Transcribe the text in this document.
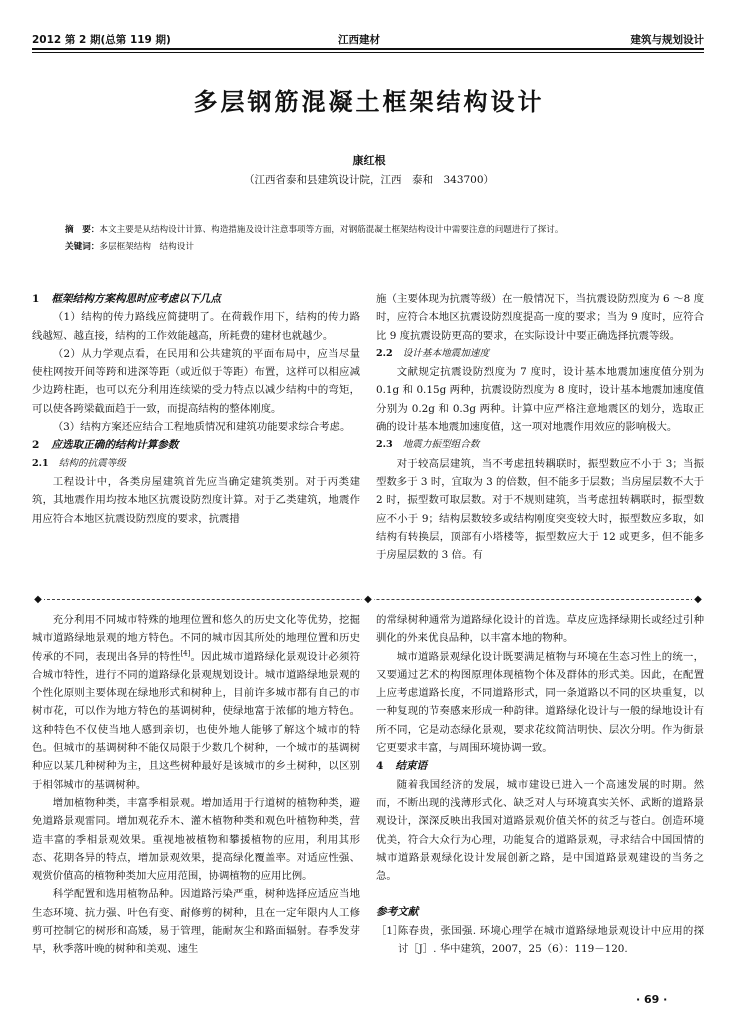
2012 第 2 期(总第 119 期)	江西建材	建筑与规划设计
多层钢筋混凝土框架结构设计
康红根
（江西省泰和县建筑设计院，江西　泰和　343700）
摘　要：本文主要是从结构设计计算、构造措施及设计注意事项等方面，对钢筋混凝土框架结构设计中需要注意的问题进行了探讨。
关键词：多层框架结构　结构设计
1 框架结构方案构思时应考虑以下几点

（1）结构的传力路线应简捷明了。在荷载作用下，结构的传力路线越短、越直接，结构的工作效能越高，所耗费的建材也就越少。

（2）从力学观点看，在民用和公共建筑的平面布局中，应当尽量使柱网按开间等跨和进深等距（或近似于等距）布置，这样可以相应减少边跨柱距，也可以充分利用连续梁的受力特点以减少结构中的弯矩，可以使各跨梁截面趋于一致，而提高结构的整体刚度。

（3）结构方案还应结合工程地质情况和建筑功能要求综合考虑。

2 应选取正确的结构计算参数
2.1 结构的抗震等级

工程设计中，各类房屋建筑首先应当确定建筑类别。对于丙类建筑，其地震作用均按本地区抗震设防烈度计算。对于乙类建筑，地震作用应符合本地区抗震设防烈度的要求，抗震措

施（主要体现为抗震等级）在一般情况下，当抗震设防烈度为 6 ～8 度时，应符合本地区抗震设防烈度提高一度的要求；当为 9 度时，应符合比 9 度抗震设防更高的要求，在实际设计中要正确选择抗震等级。

2.2 设计基本地震加速度

文献规定抗震设防烈度为 7 度时，设计基本地震加速度值分别为 0.1g 和 0.15g 两种，抗震设防烈度为 8 度时，设计基本地震加速度值分别为 0.2g 和 0.3g 两种。计算中应严格注意地震区的划分，选取正确的设计基本地震加速度值，这一项对地震作用效应的影响极大。

2.3 地震力振型组合数

对于较高层建筑，当不考虑扭转耦联时，振型数应不小于 3；当振型数多于 3 时，宜取为 3 的倍数，但不能多于层数；当房屋层数不大于 2 时，振型数可取层数。对于不规则建筑，当考虑扭转耦联时，振型数应不小于 9；结构层数较多或结构刚度突变较大时，振型数应多取，如结构有转换层，顶部有小塔楼等，振型数应大于 12 或更多，但不能多于房屋层数的 3 倍。有

◆	◆	◆

充分利用不同城市特殊的地理位置和悠久的历史文化等优势，挖掘城市道路绿地景观的地方特色。不同的城市因其所处的地理位置和历史传承的不同，表现出各异的特性[4]。因此城市道路绿化景观设计必须符合城市特性，进行不同的道路绿化景观规划设计。城市道路绿地景观的个性化原则主要体现在绿地形式和树种上，目前许多城市都有自己的市树市花，可以作为地方特色的基调树种，使绿地富于浓郁的地方特色。这种特色不仅使当地人感到亲切，也使外地人能够了解这个城市的特色。但城市的基调树种不能仅局限于少数几个树种，一个城市的基调树种应以某几种树种为主，且这些树种最好是该城市的乡土树种，以区别于相邻城市的基调树种。

增加植物种类，丰富季相景观。增加适用于行道树的植物种类，避免道路景观雷同。增加观花乔木、灌木植物种类和观色叶植物种类，营造丰富的季相景观效果。重视地被植物和攀援植物的应用，利用其形态、花期各异的特点，增加景观效果，提高绿化覆盖率。对适应性强、观赏价值高的植物种类加大应用范围，协调植物的应用比例。

科学配置和选用植物品种。因道路污染严重，树种选择应适应当地生态环境、抗力强、叶色有变、耐修剪的树种，且在一定年限内人工修剪可控制它的树形和高矮，易于管理，能耐灰尘和路面辐射。春季发芽早，秋季落叶晚的树种和美观、速生

的常绿树种通常为道路绿化设计的首选。草皮应选择绿期长或经过引种驯化的外来优良品种，以丰富本地的物种。

城市道路景观绿化设计既要满足植物与环境在生态习性上的统一，又要通过艺术的构图原理体现植物个体及群体的形式美。因此，在配置上应考虑道路长度，不同道路形式，同一条道路以不同的区块重复，以一种复现的节奏感来形成一种韵律。道路绿化设计与一般的绿地设计有所不同，它是动态绿化景观，要求花纹简洁明快、层次分明。作为街景它更要求丰富，与周围环境协调一致。

4 结束语

随着我国经济的发展，城市建设已进入一个高速发展的时期。然而，不断出现的浅薄形式化、缺乏对人与环境真实关怀、武断的道路景观设计，深深反映出我国对道路景观价值关怀的贫乏与苍白。创造环境优美，符合大众行为心理，功能复合的道路景观，寻求结合中国国情的城市道路景观绿化设计发展创新之路，是中国道路景观建设的当务之急。

参考文献

［1］
陈春贵，张国强. 环境心理学在城市道路绿地景观设计中应用的探讨［J］. 华中建筑，2007，25（6）：119－120.

· 69 ·
